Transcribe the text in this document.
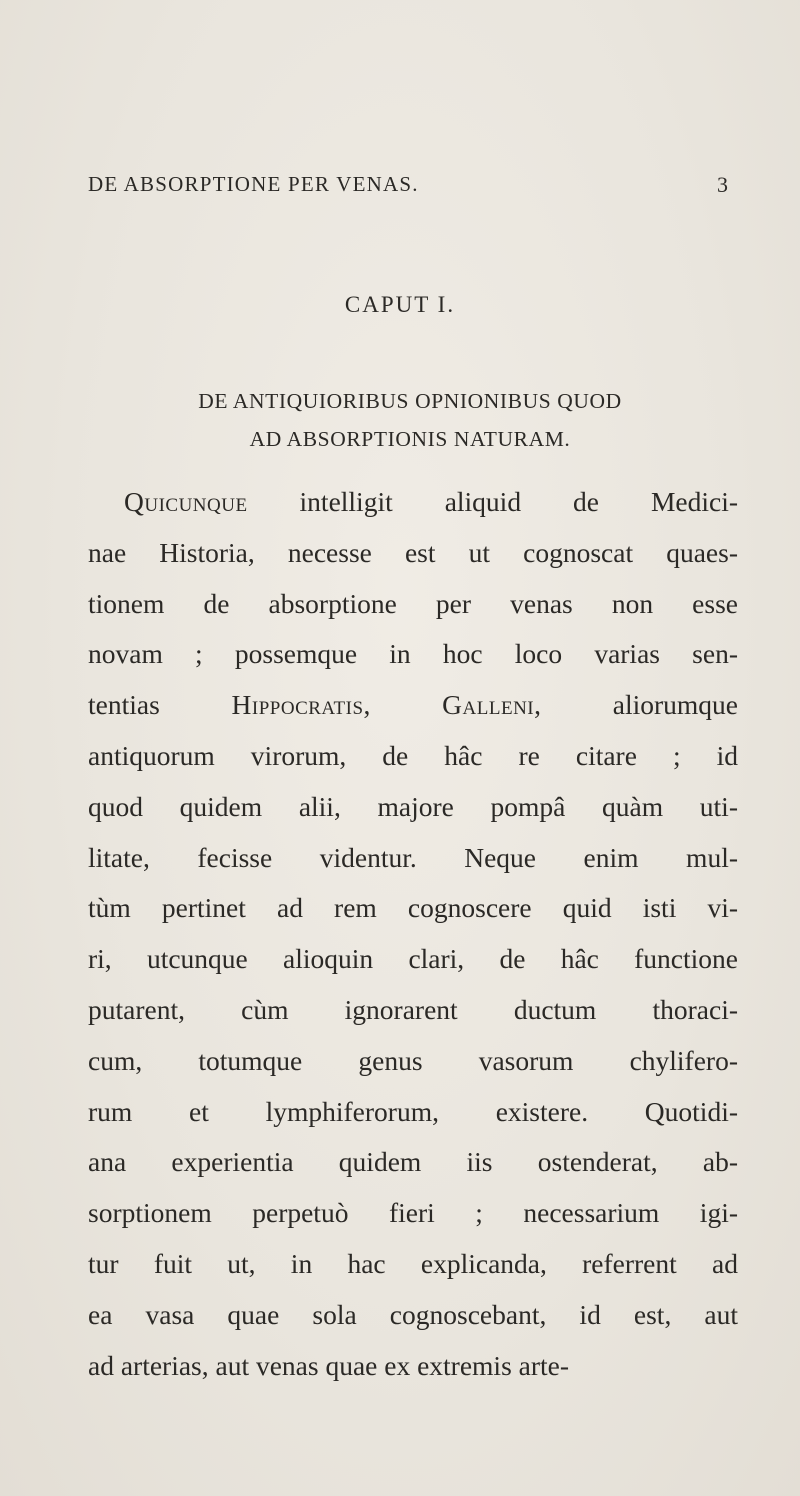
DE ABSORPTIONE PER VENAS.	3
CAPUT I.
DE ANTIQUIORIBUS OPNIONIBUS QUOD
AD ABSORPTIONIS NATURAM.
Quicunque intelligit aliquid de Medici-
nae Historia, necesse est ut cognoscat quaes-
tionem de absorptione per venas non esse
novam ; possemque in hoc loco varias sen-
tentias Hippocratis, Galleni, aliorumque
antiquorum virorum, de hâc re citare ; id
quod quidem alii, majore pompâ quàm uti-
litate, fecisse videntur. Neque enim mul-
tùm pertinet ad rem cognoscere quid isti vi-
ri, utcunque alioquin clari, de hâc functione
putarent, cùm ignorarent ductum thoraci-
cum, totumque genus vasorum chylifero-
rum et lymphiferorum, existere. Quotidi-
ana experientia quidem iis ostenderat, ab-
sorptionem perpetuò fieri ; necessarium igi-
tur fuit ut, in hac explicanda, referrent ad
ea vasa quae sola cognoscebant, id est, aut
ad arterias, aut venas quae ex extremis arte-
